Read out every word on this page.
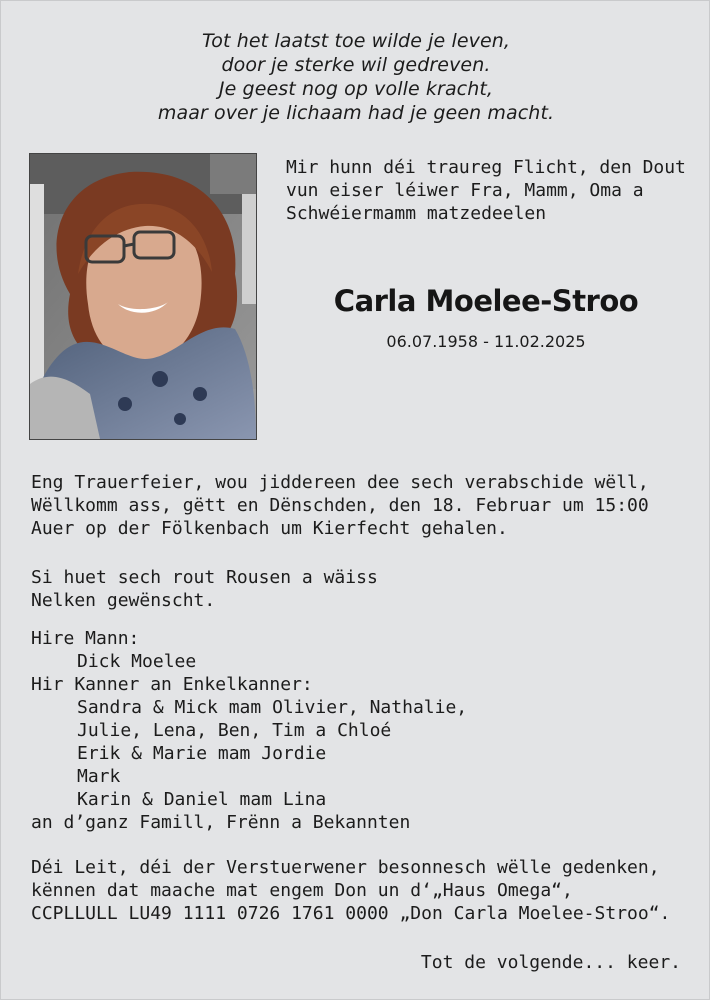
Tot het laatst toe wilde je leven,
door je sterke wil gedreven.
Je geest nog op volle kracht,
maar over je lichaam had je geen macht.
Mir hunn déi traureg Flicht, den Dout
vun eiser léiwer Fra, Mamm, Oma a
Schwéiermamm matzedeelen
Carla Moelee-Stroo
06.07.1958 - 11.02.2025
Eng Trauerfeier, wou jiddereen dee sech verabschide wëll,
Wëllkomm ass, gëtt en Dënschden, den 18. Februar um 15:00
Auer op der Fölkenbach um Kierfecht gehalen.
Si huet sech rout Rousen a wäiss
Nelken gewënscht.
Hire Mann:
Dick Moelee
Hir Kanner an Enkelkanner:
Sandra & Mick mam Olivier, Nathalie,
Julie, Lena, Ben, Tim a Chloé
Erik & Marie mam Jordie
Mark
Karin & Daniel mam Lina
an d’ganz Famill, Frënn a Bekannten
Déi Leit, déi der Verstuerwener besonnesch wëlle gedenken,
kënnen dat maache mat engem Don un d‘„Haus Omega“,
CCPLLULL LU49 1111 0726 1761 0000 „Don Carla Moelee-Stroo“.
Tot de volgende... keer.
